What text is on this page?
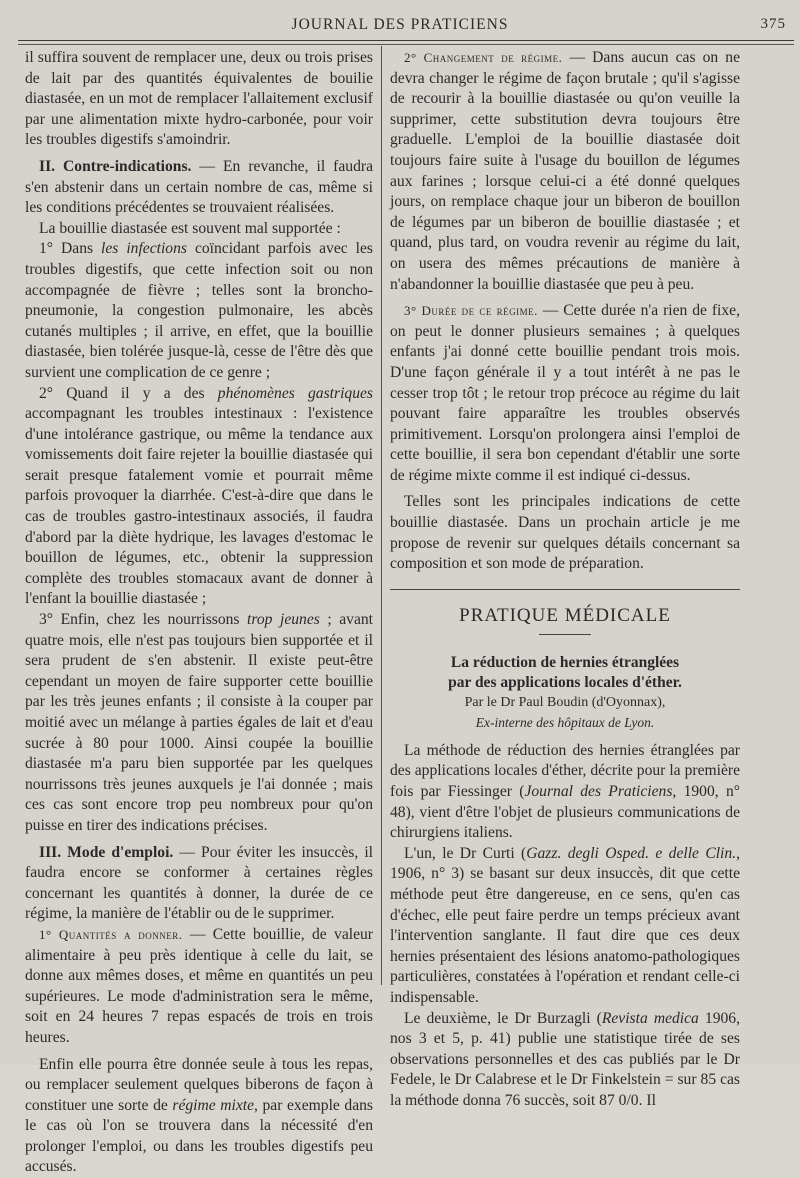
JOURNAL DES PRATICIENS	375

il suffira souvent de remplacer une, deux ou trois prises de lait par des quantités équivalentes de bouilie diastasée, en un mot de remplacer l'allaitement exclusif par une alimentation mixte hydro-carbonée, pour voir les troubles digestifs s'amoindrir.

II. Contre-indications. — En revanche, il faudra s'en abstenir dans un certain nombre de cas, même si les conditions précédentes se trouvaient réalisées.

La bouillie diastasée est souvent mal supportée :

1° Dans les infections coïncidant parfois avec les troubles digestifs, que cette infection soit ou non accompagnée de fièvre ; telles sont la broncho-pneumonie, la congestion pulmonaire, les abcès cutanés multiples ; il arrive, en effet, que la bouillie diastasée, bien tolérée jusque-là, cesse de l'être dès que survient une complication de ce genre ;

2° Quand il y a des phénomènes gastriques accompagnant les troubles intestinaux : l'existence d'une intolérance gastrique, ou même la tendance aux vomissements doit faire rejeter la bouillie diastasée qui serait presque fatalement vomie et pourrait même parfois provoquer la diarrhée. C'est-à-dire que dans le cas de troubles gastro-intestinaux associés, il faudra d'abord par la diète hydrique, les lavages d'estomac le bouillon de légumes, etc., obtenir la suppression complète des troubles stomacaux avant de donner à l'enfant la bouillie diastasée ;

3° Enfin, chez les nourrissons trop jeunes ; avant quatre mois, elle n'est pas toujours bien supportée et il sera prudent de s'en abstenir. Il existe peut-être cependant un moyen de faire supporter cette bouillie par les très jeunes enfants ; il consiste à la couper par moitié avec un mélange à parties égales de lait et d'eau sucrée à 80 pour 1000. Ainsi coupée la bouillie diastasée m'a paru bien supportée par les quelques nourrissons très jeunes auxquels je l'ai donnée ; mais ces cas sont encore trop peu nombreux pour qu'on puisse en tirer des indications précises.

III. Mode d'emploi. — Pour éviter les insuccès, il faudra encore se conformer à certaines règles concernant les quantités à donner, la durée de ce régime, la manière de l'établir ou de le supprimer.

1° Quantités a donner. — Cette bouillie, de valeur alimentaire à peu près identique à celle du lait, se donne aux mêmes doses, et même en quantités un peu supérieures. Le mode d'administration sera le même, soit en 24 heures 7 repas espacés de trois en trois heures.

Enfin elle pourra être donnée seule à tous les repas, ou remplacer seulement quelques biberons de façon à constituer une sorte de régime mixte, par exemple dans le cas où l'on se trouvera dans la nécessité d'en prolonger l'emploi, ou dans les troubles digestifs peu accusés.

2° Changement de régime. — Dans aucun cas on ne devra changer le régime de façon brutale ; qu'il s'agisse de recourir à la bouillie diastasée ou qu'on veuille la supprimer, cette substitution devra toujours être graduelle. L'emploi de la bouillie diastasée doit toujours faire suite à l'usage du bouillon de légumes aux farines ; lorsque celui-ci a été donné quelques jours, on remplace chaque jour un biberon de bouillon de légumes par un biberon de bouillie diastasée ; et quand, plus tard, on voudra revenir au régime du lait, on usera des mêmes précautions de manière à n'abandonner la bouillie diastasée que peu à peu.

3° Durée de ce régime. — Cette durée n'a rien de fixe, on peut le donner plusieurs semaines ; à quelques enfants j'ai donné cette bouillie pendant trois mois. D'une façon générale il y a tout intérêt à ne pas le cesser trop tôt ; le retour trop précoce au régime du lait pouvant faire apparaître les troubles observés primitivement. Lorsqu'on prolongera ainsi l'emploi de cette bouillie, il sera bon cependant d'établir une sorte de régime mixte comme il est indiqué ci-dessus.

Telles sont les principales indications de cette bouillie diastasée. Dans un prochain article je me propose de revenir sur quelques détails concernant sa composition et son mode de préparation.

PRATIQUE MÉDICALE
La réduction de hernies étranglées
par des applications locales d'éther.
Par le Dr Paul Boudin (d'Oyonnax),
Ex-interne des hôpitaux de Lyon.

La méthode de réduction des hernies étranglées par des applications locales d'éther, décrite pour la première fois par Fiessinger (Journal des Praticiens, 1900, n° 48), vient d'être l'objet de plusieurs communications de chirurgiens italiens.

L'un, le Dr Curti (Gazz. degli Osped. e delle Clin., 1906, n° 3) se basant sur deux insuccès, dit que cette méthode peut être dangereuse, en ce sens, qu'en cas d'échec, elle peut faire perdre un temps précieux avant l'intervention sanglante. Il faut dire que ces deux hernies présentaient des lésions anatomo-pathologiques particulières, constatées à l'opération et rendant celle-ci indispensable.

Le deuxième, le Dr Burzagli (Revista medica 1906, nos 3 et 5, p. 41) publie une statistique tirée de ses observations personnelles et des cas publiés par le Dr Fedele, le Dr Calabrese et le Dr Finkelstein = sur 85 cas la méthode donna 76 succès, soit 87 0/0. Il
